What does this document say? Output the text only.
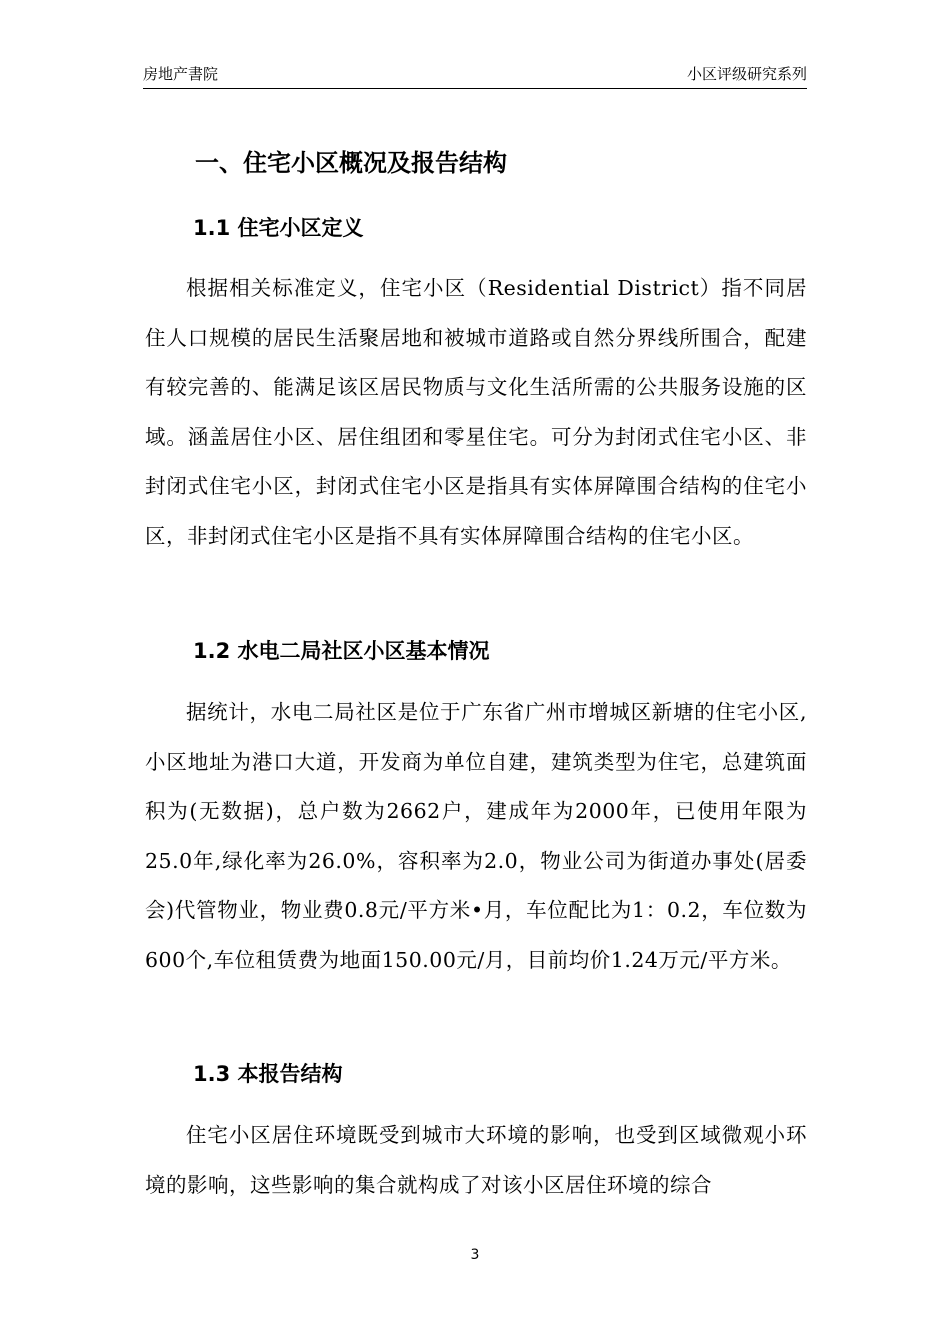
房地产書院	小区评级研究系列
一、住宅小区概况及报告结构
1.1 住宅小区定义
根据相关标准定义，住宅小区（Residential District）指不同居住人口规模的居民生活聚居地和被城市道路或自然分界线所围合，配建有较完善的、能满足该区居民物质与文化生活所需的公共服务设施的区域。涵盖居住小区、居住组团和零星住宅。可分为封闭式住宅小区、非封闭式住宅小区，封闭式住宅小区是指具有实体屏障围合结构的住宅小区，非封闭式住宅小区是指不具有实体屏障围合结构的住宅小区。
1.2 水电二局社区小区基本情况
据统计，水电二局社区是位于广东省广州市增城区新塘的住宅小区,小区地址为港口大道，开发商为单位自建，建筑类型为住宅，总建筑面积为(无数据)，总户数为2662户，建成年为2000年，已使用年限为25.0年,绿化率为26.0%，容积率为2.0，物业公司为街道办事处(居委会)代管物业，物业费0.8元/平方米•月，车位配比为1：0.2，车位数为600个,车位租赁费为地面150.00元/月，目前均价1.24万元/平方米。
1.3 本报告结构
住宅小区居住环境既受到城市大环境的影响，也受到区域微观小环境的影响，这些影响的集合就构成了对该小区居住环境的综合
3
